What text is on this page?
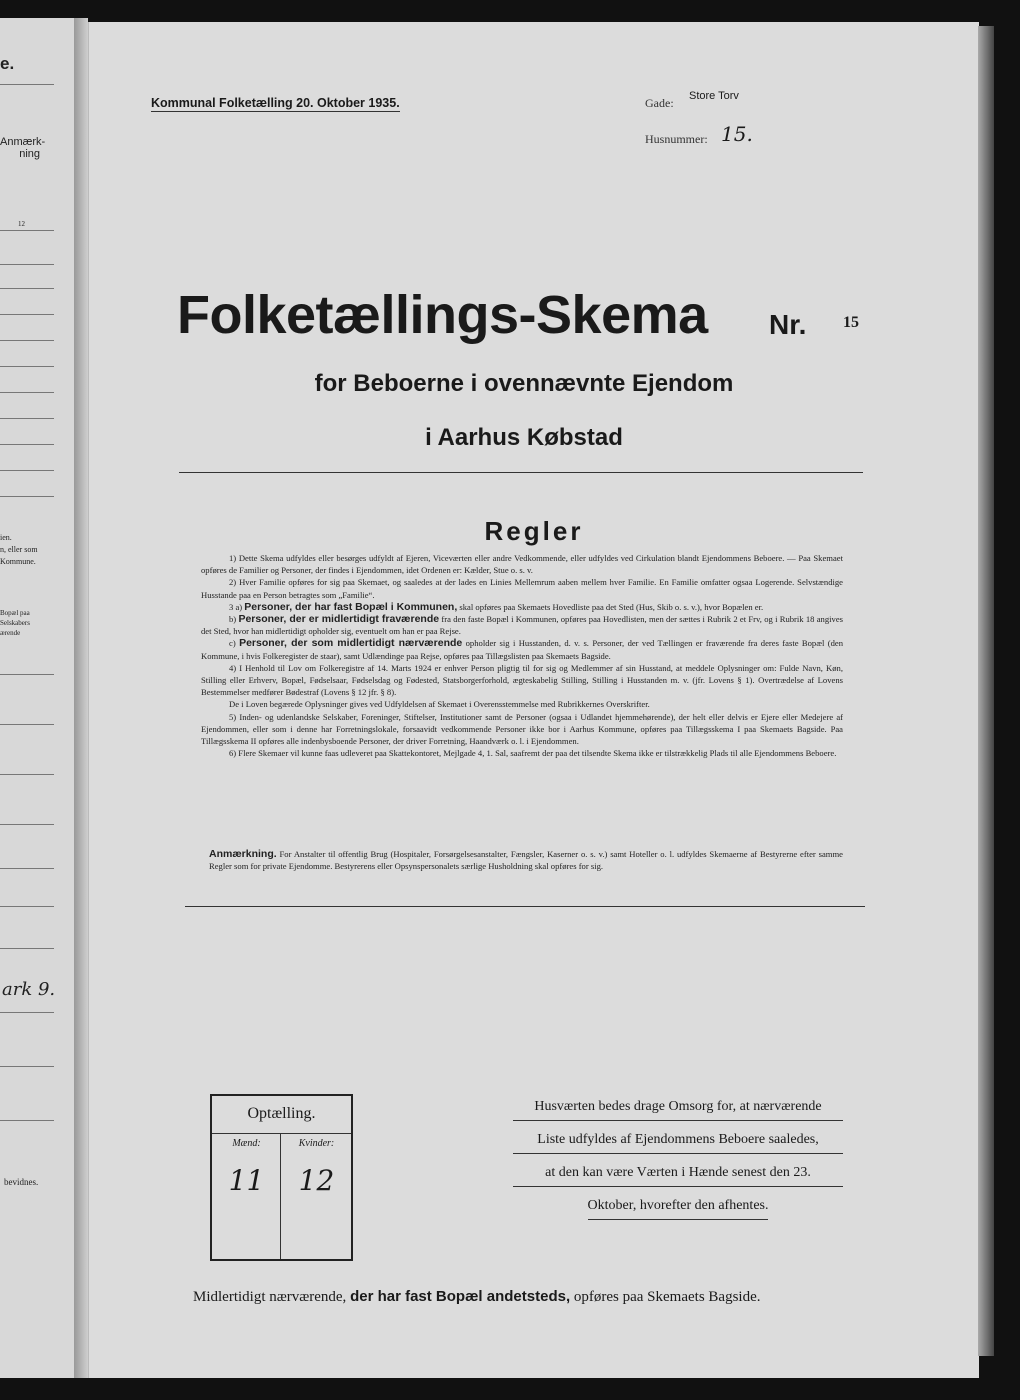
e.
Anmærk-
ning
12
ien.
n, eller som
Kommune.
Bopæl paa
Selskabers
ærende
ark 9.
bevidnes.
Kommunal Folketælling 20. Oktober 1935.	Gade: Store Torv
Husnummer: 15.
Folketællings-Skema Nr. 15
for Beboerne i ovennævnte Ejendom
i Aarhus Købstad
Regler

1) Dette Skema udfyldes eller besørges udfyldt af Ejeren, Viceværten eller andre Vedkommende, eller udfyldes ved Cirkulation blandt Ejendommens Beboere. — Paa Skemaet opføres de Familier og Personer, der findes i Ejendommen, idet Ordenen er: Kælder, Stue o. s. v.

2) Hver Familie opføres for sig paa Skemaet, og saaledes at der lades en Linies Mellemrum aaben mellem hver Familie. En Familie omfatter ogsaa Logerende. Selvstændige Husstande paa en Person betragtes som „Familie“.

3 a) Personer, der har fast Bopæl i Kommunen, skal opføres paa Skemaets Hovedliste paa det Sted (Hus, Skib o. s. v.), hvor Bopælen er.

b) Personer, der er midlertidigt fraværende fra den faste Bopæl i Kommunen, opføres paa Hovedlisten, men der sættes i Rubrik 2 et Frv, og i Rubrik 18 angives det Sted, hvor han midlertidigt opholder sig, eventuelt om han er paa Rejse.

c) Personer, der som midlertidigt nærværende opholder sig i Husstanden, d. v. s. Personer, der ved Tællingen er fraværende fra deres faste Bopæl (den Kommune, i hvis Folkeregister de staar), samt Udlændinge paa Rejse, opføres paa Tillægslisten paa Skemaets Bagside.

4) I Henhold til Lov om Folkeregistre af 14. Marts 1924 er enhver Person pligtig til for sig og Medlemmer af sin Husstand, at meddele Oplysninger om: Fulde Navn, Køn, Stilling eller Erhverv, Bopæl, Fødselsaar, Fødselsdag og Fødested, Statsborgerforhold, ægteskabelig Stilling, Stilling i Husstanden m. v. (jfr. Lovens § 1). Overtrædelse af Lovens Bestemmelser medfører Bødestraf (Lovens § 12 jfr. § 8).

De i Loven begærede Oplysninger gives ved Udfyldelsen af Skemaet i Overensstemmelse med Rubrikkernes Overskrifter.

5) Inden- og udenlandske Selskaber, Foreninger, Stiftelser, Institutioner samt de Personer (ogsaa i Udlandet hjemmehørende), der helt eller delvis er Ejere eller Medejere af Ejendommen, eller som i denne har Forretningslokale, forsaavidt vedkommende Personer ikke bor i Aarhus Kommune, opføres paa Tillægsskema I paa Skemaets Bagside. Paa Tillægsskema II opføres alle indenbysboende Personer, der driver Forretning, Haandværk o. l. i Ejendommen.

6) Flere Skemaer vil kunne faas udleveret paa Skattekontoret, Mejlgade 4, 1. Sal, saafremt der paa det tilsendte Skema ikke er tilstrækkelig Plads til alle Ejendommens Beboere.

Anmærkning. For Anstalter til offentlig Brug (Hospitaler, Forsørgelsesanstalter, Fængsler, Kaserner o. s. v.) samt Hoteller o. l. udfyldes Skemaerne af Bestyrerne efter samme Regler som for private Ejendomme. Bestyrerens eller Opsynspersonalets særlige Husholdning skal opføres for sig.
Optælling.
Mænd:	Kvinder:
11	12
Husværten bedes drage Omsorg for, at nærværende
Liste udfyldes af Ejendommens Beboere saaledes,
at den kan være Værten i Hænde senest den 23.
Oktober, hvorefter den afhentes.
Midlertidigt nærværende, der har fast Bopæl andetsteds, opføres paa Skemaets Bagside.
